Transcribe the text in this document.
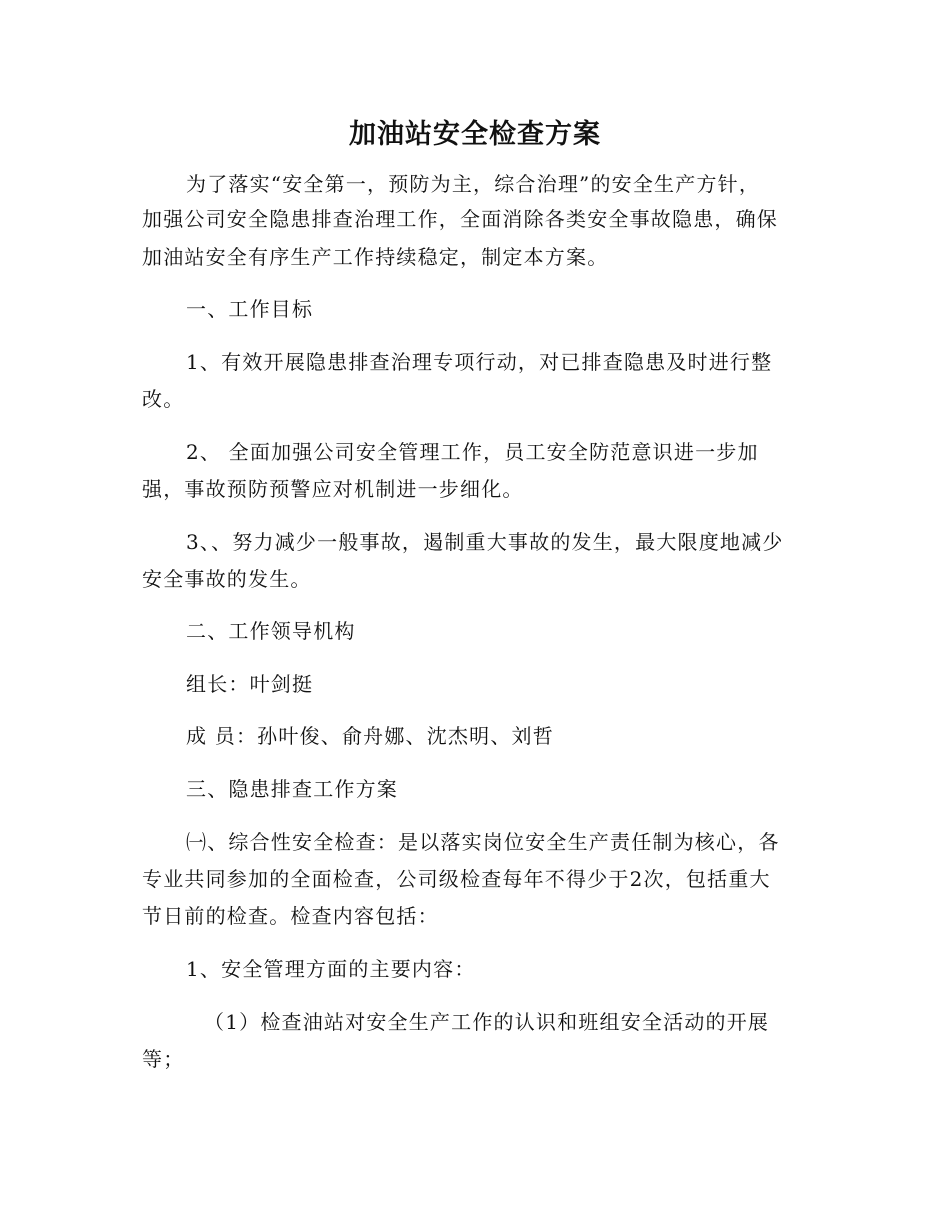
加油站安全检查方案

为了落实“安全第一，预防为主，综合治理”的安全生产方针，

加强公司安全隐患排查治理工作，全面消除各类安全事故隐患，确保

加油站安全有序生产工作持续稳定，制定本方案。

一、工作目标

1、有效开展隐患排查治理专项行动，对已排查隐患及时进行整

改。

2、 全面加强公司安全管理工作，员工安全防范意识进一步加

强，事故预防预警应对机制进一步细化。

3、、努力减少一般事故，遏制重大事故的发生，最大限度地减少

安全事故的发生。

二、工作领导机构

组长：叶剑挺

成 员：孙叶俊、俞舟娜、沈杰明、刘哲

三、隐患排查工作方案

㈠、综合性安全检查：是以落实岗位安全生产责任制为核心，各

专业共同参加的全面检查，公司级检查每年不得少于2次，包括重大

节日前的检查。检查内容包括：

1、安全管理方面的主要内容：

（1）检查油站对安全生产工作的认识和班组安全活动的开展

等；
